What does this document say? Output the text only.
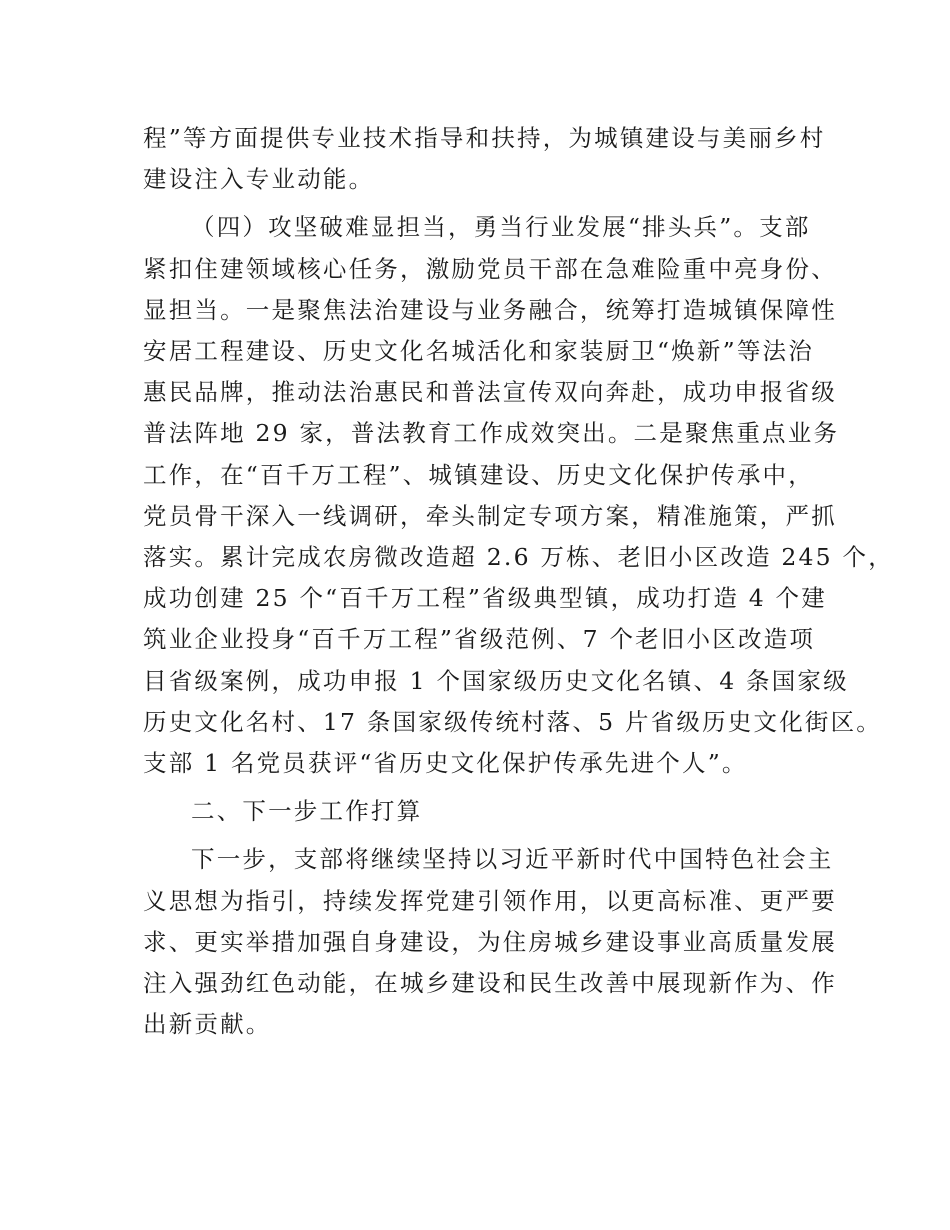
程”等方面提供专业技术指导和扶持，为城镇建设与美丽乡村
建设注入专业动能。
（四）攻坚破难显担当，勇当行业发展“排头兵”。支部
紧扣住建领域核心任务，激励党员干部在急难险重中亮身份、
显担当。一是聚焦法治建设与业务融合，统筹打造城镇保障性
安居工程建设、历史文化名城活化和家装厨卫“焕新”等法治
惠民品牌，推动法治惠民和普法宣传双向奔赴，成功申报省级
普法阵地 29 家，普法教育工作成效突出。二是聚焦重点业务
工作，在“百千万工程”、城镇建设、历史文化保护传承中，
党员骨干深入一线调研，牵头制定专项方案，精准施策，严抓
落实。累计完成农房微改造超 2.6 万栋、老旧小区改造 245 个，
成功创建 25 个“百千万工程”省级典型镇，成功打造 4 个建
筑业企业投身“百千万工程”省级范例、7 个老旧小区改造项
目省级案例，成功申报 1 个国家级历史文化名镇、4 条国家级
历史文化名村、17 条国家级传统村落、5 片省级历史文化街区。
支部 1 名党员获评“省历史文化保护传承先进个人”。
二、下一步工作打算
下一步，支部将继续坚持以习近平新时代中国特色社会主
义思想为指引，持续发挥党建引领作用，以更高标准、更严要
求、更实举措加强自身建设，为住房城乡建设事业高质量发展
注入强劲红色动能，在城乡建设和民生改善中展现新作为、作
出新贡献。
